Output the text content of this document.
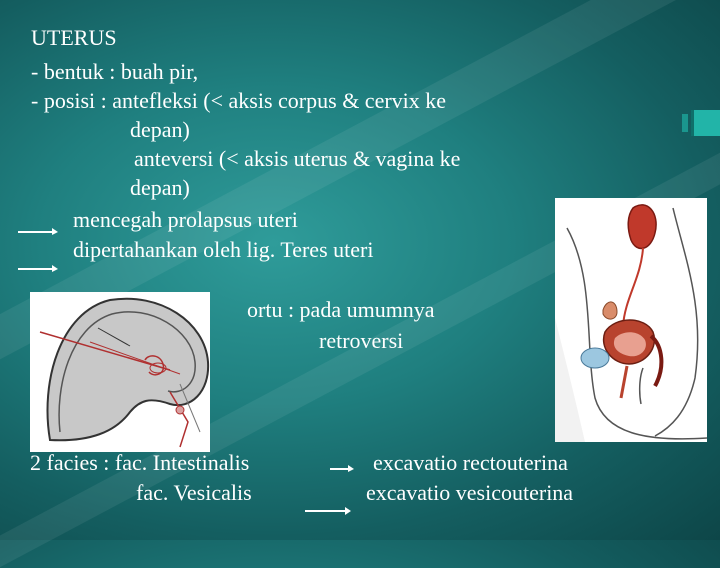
UTERUS
- bentuk : buah pir,
- posisi : antefleksi (< aksis corpus & cervix ke
depan)
anteversi (< aksis uterus & vagina ke
depan)
mencegah prolapsus uteri
dipertahankan oleh lig. Teres uteri
ortu : pada umumnya
retroversi
2 facies : fac. Intestinalis	excavatio rectouterina
fac. Vesicalis	excavatio vesicouterina
